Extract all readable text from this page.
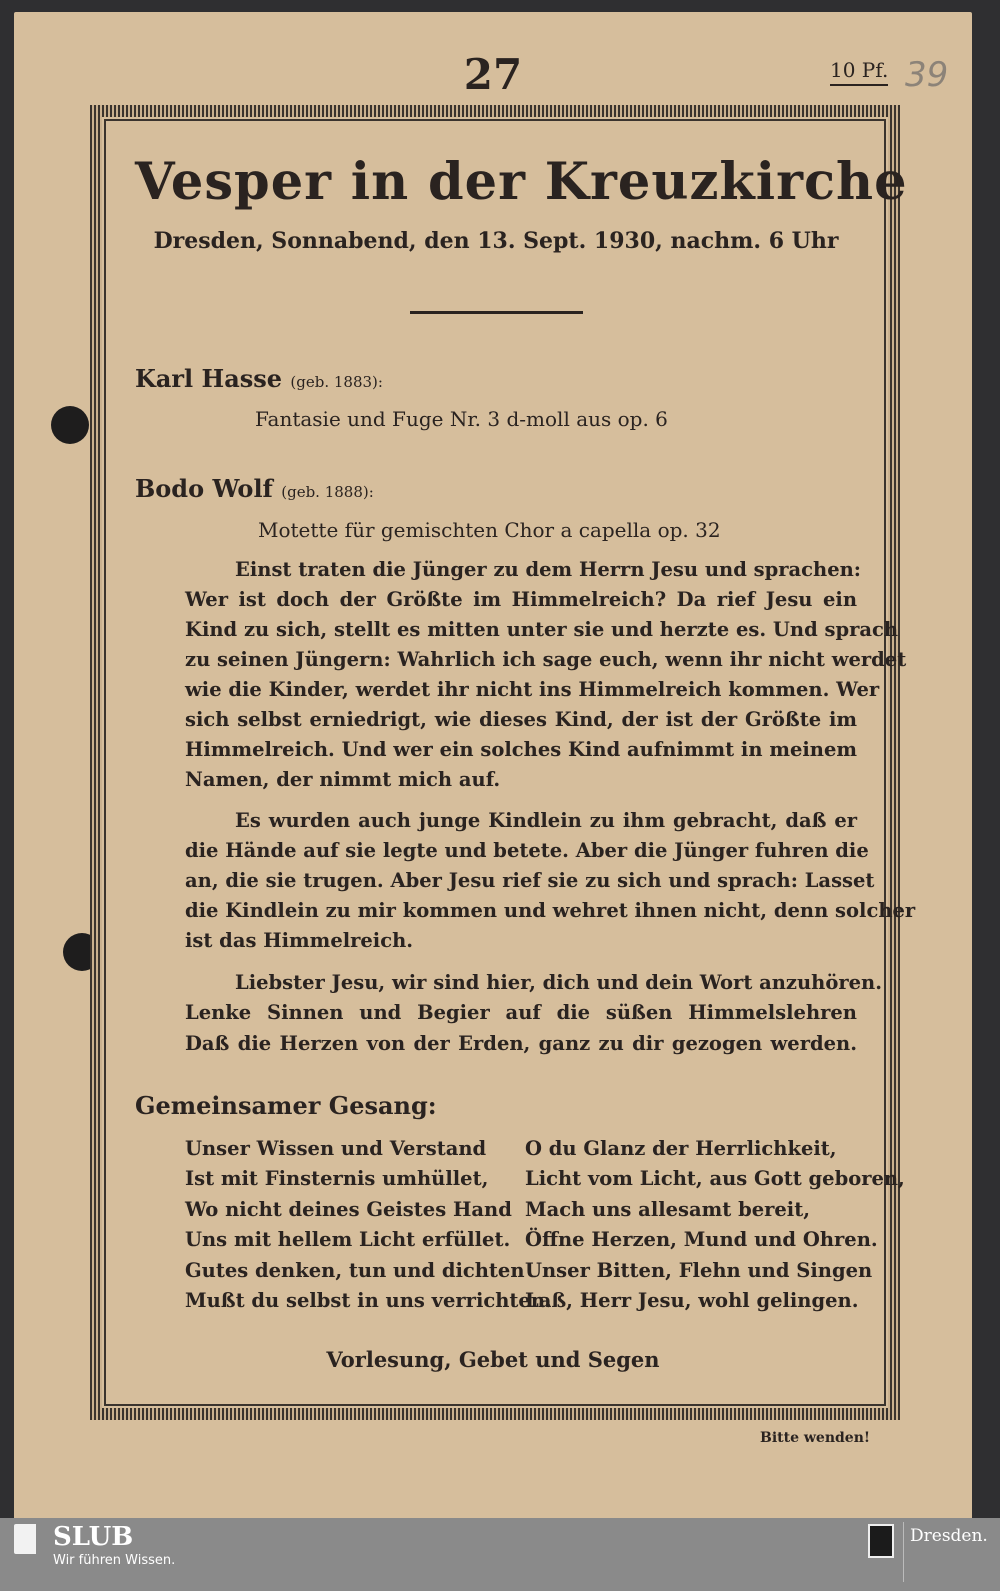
27	10 Pf. 39
Vesper in der Kreuzkirche
Dresden, Sonnabend, den 13. Sept. 1930, nachm. 6 Uhr
Karl Hasse (geb. 1883):
Fantasie und Fuge Nr. 3 d-moll aus op. 6
Bodo Wolf (geb. 1888):
Motette für gemischten Chor a capella op. 32
Einst traten die Jünger zu dem Herrn Jesu und sprachen:
Wer ist doch der Größte im Himmelreich? Da rief Jesu ein
Kind zu sich, stellt es mitten unter sie und herzte es. Und sprach
zu seinen Jüngern: Wahrlich ich sage euch, wenn ihr nicht werdet
wie die Kinder, werdet ihr nicht ins Himmelreich kommen. Wer
sich selbst erniedrigt, wie dieses Kind, der ist der Größte im
Himmelreich. Und wer ein solches Kind aufnimmt in meinem
Namen, der nimmt mich auf.
Es wurden auch junge Kindlein zu ihm gebracht, daß er
die Hände auf sie legte und betete. Aber die Jünger fuhren die
an, die sie trugen. Aber Jesu rief sie zu sich und sprach: Lasset
die Kindlein zu mir kommen und wehret ihnen nicht, denn solcher
ist das Himmelreich.
Liebster Jesu, wir sind hier, dich und dein Wort anzuhören.
Lenke Sinnen und Begier auf die süßen Himmelslehren
Daß die Herzen von der Erden, ganz zu dir gezogen werden.
Gemeinsamer Gesang:
Unser Wissen und Verstand
Ist mit Finsternis umhüllet,
Wo nicht deines Geistes Hand
Uns mit hellem Licht erfüllet.
Gutes denken, tun und dichten
Mußt du selbst in uns verrichten.
O du Glanz der Herrlichkeit,
Licht vom Licht, aus Gott geboren,
Mach uns allesamt bereit,
Öffne Herzen, Mund und Ohren.
Unser Bitten, Flehn und Singen
Laß, Herr Jesu, wohl gelingen.
Vorlesung, Gebet und Segen
Bitte wenden!
SLUB
Wir führen Wissen.
Dresden.
